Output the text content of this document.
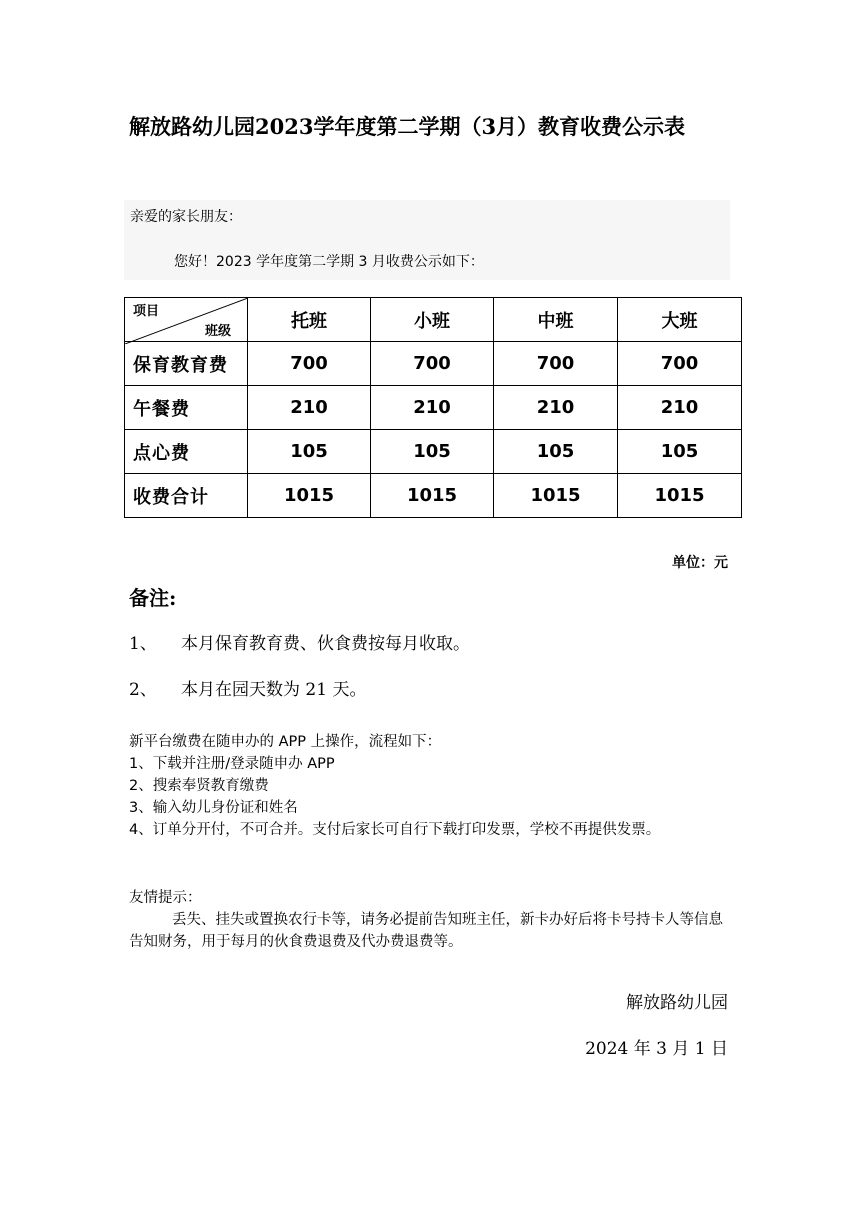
解放路幼儿园2023学年度第二学期（3月）教育收费公示表
亲爱的家长朋友：
您好！2023 学年度第二学期 3 月收费公示如下：
项目
班级	托班	小班	中班	大班
保育教育费	700	700	700	700
午餐费	210	210	210	210
点心费	105	105	105	105
收费合计	1015	1015	1015	1015
单位：元
备注:
1、 本月保育教育费、伙食费按每月收取。
2、 本月在园天数为 21 天。
新平台缴费在随申办的 APP 上操作，流程如下：
1、下载并注册/登录随申办 APP
2、搜索奉贤教育缴费
3、输入幼儿身份证和姓名
4、订单分开付，不可合并。支付后家长可自行下载打印发票，学校不再提供发票。
友情提示：
丢失、挂失或置换农行卡等，请务必提前告知班主任，新卡办好后将卡号持卡人等信息告知财务，用于每月的伙食费退费及代办费退费等。
解放路幼儿园
2024 年 3 月 1 日
